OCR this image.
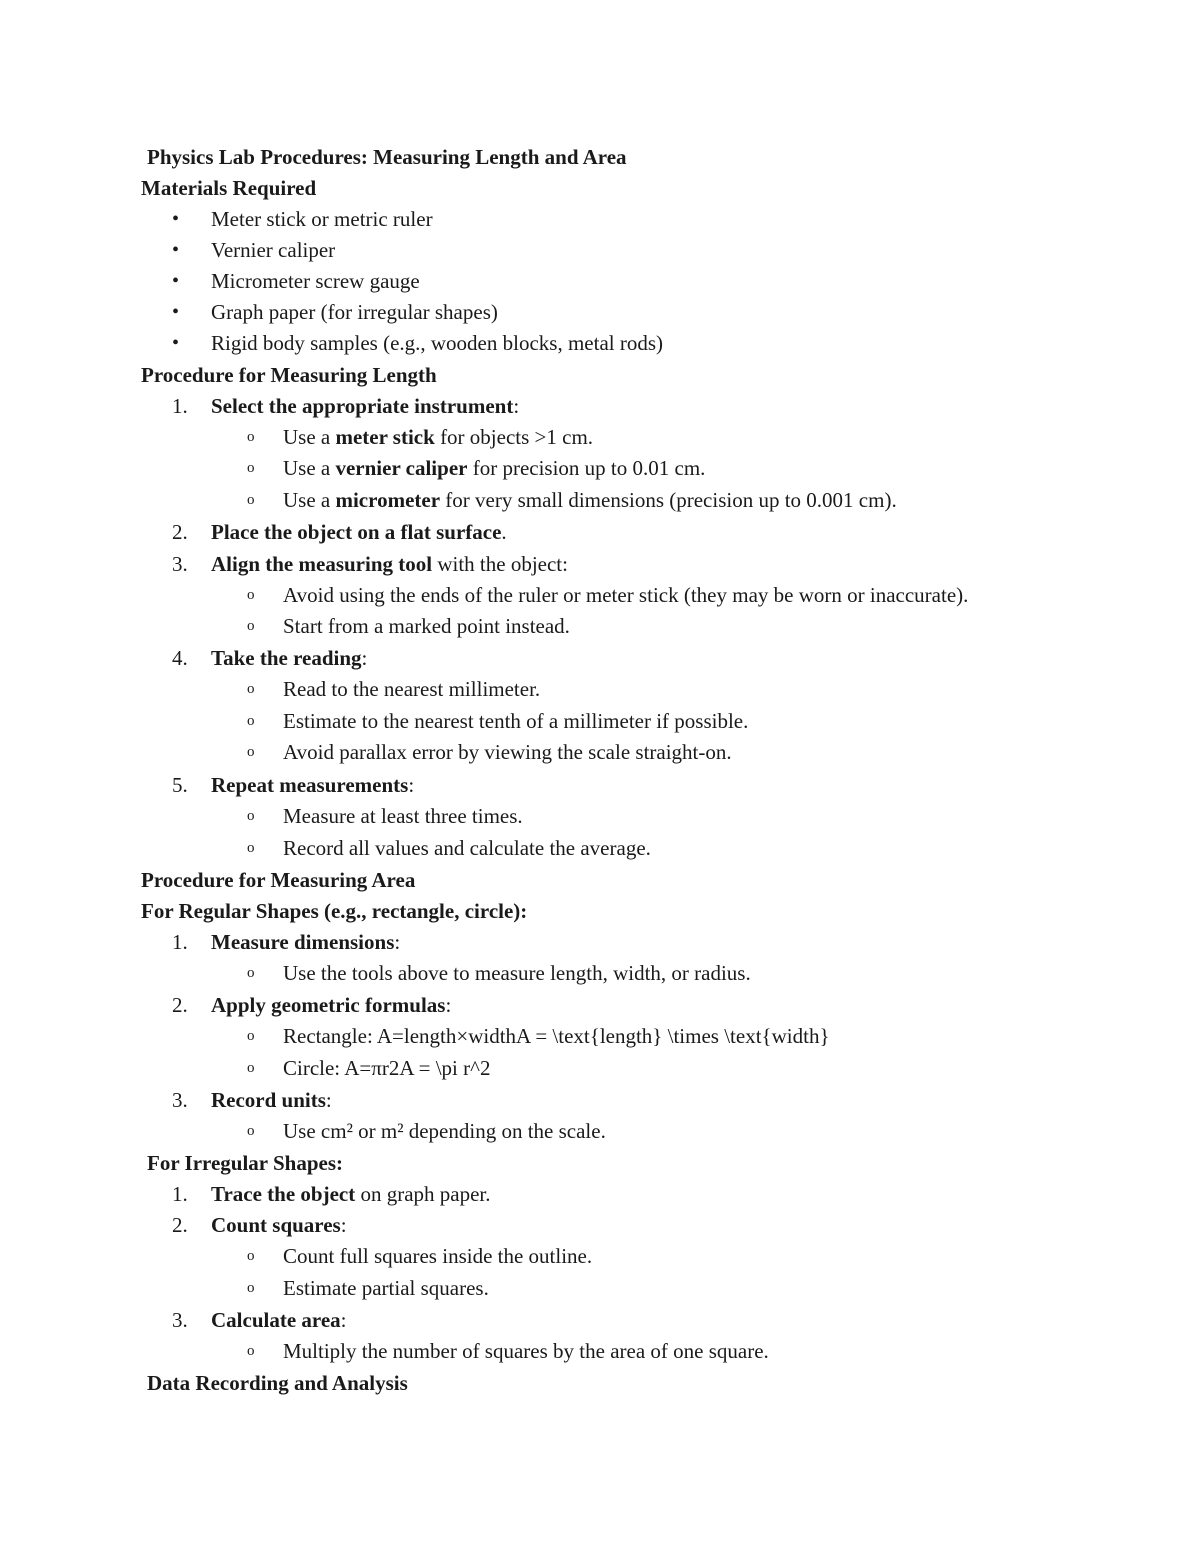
Physics Lab Procedures: Measuring Length and Area
Materials Required
• Meter stick or metric ruler
• Vernier caliper
• Micrometer screw gauge
• Graph paper (for irregular shapes)
• Rigid body samples (e.g., wooden blocks, metal rods)
Procedure for Measuring Length
1. Select the appropriate instrument:
o Use a meter stick for objects >1 cm.
o Use a vernier caliper for precision up to 0.01 cm.
o Use a micrometer for very small dimensions (precision up to 0.001 cm).
2. Place the object on a flat surface.
3. Align the measuring tool with the object:
o Avoid using the ends of the ruler or meter stick (they may be worn or inaccurate).
o Start from a marked point instead.
4. Take the reading:
o Read to the nearest millimeter.
o Estimate to the nearest tenth of a millimeter if possible.
o Avoid parallax error by viewing the scale straight-on.
5. Repeat measurements:
o Measure at least three times.
o Record all values and calculate the average.
Procedure for Measuring Area
For Regular Shapes (e.g., rectangle, circle):
1. Measure dimensions:
o Use the tools above to measure length, width, or radius.
2. Apply geometric formulas:
o Rectangle: A=length×widthA = \text{length} \times \text{width}
o Circle: A=πr2A = \pi r^2
3. Record units:
o Use cm² or m² depending on the scale.
For Irregular Shapes:
1. Trace the object on graph paper.
2. Count squares:
o Count full squares inside the outline.
o Estimate partial squares.
3. Calculate area:
o Multiply the number of squares by the area of one square.
Data Recording and Analysis
